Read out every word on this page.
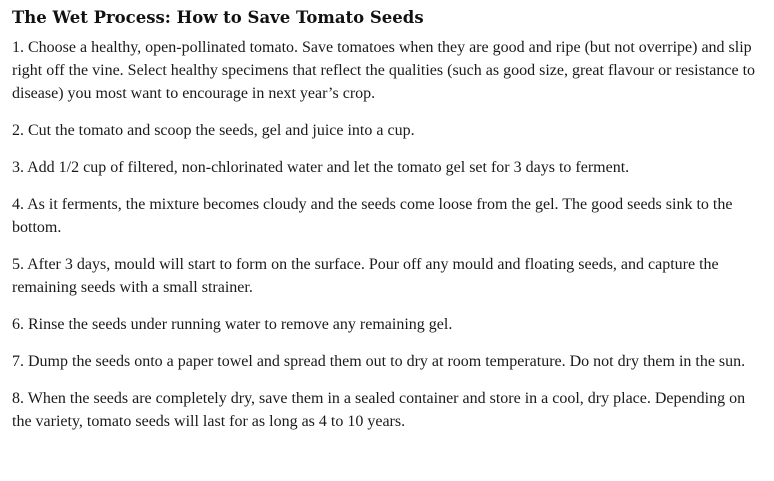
The Wet Process: How to Save Tomato Seeds

1. Choose a healthy, open-pollinated tomato. Save tomatoes when they are good and ripe (but not overripe) and slip right off the vine. Select healthy specimens that reflect the qualities (such as good size, great flavour or resistance to disease) you most want to encourage in next year’s crop.

2. Cut the tomato and scoop the seeds, gel and juice into a cup.

3. Add 1/2 cup of filtered, non-chlorinated water and let the tomato gel set for 3 days to ferment.

4. As it ferments, the mixture becomes cloudy and the seeds come loose from the gel. The good seeds sink to the bottom.

5. After 3 days, mould will start to form on the surface. Pour off any mould and floating seeds, and capture the remaining seeds with a small strainer.

6. Rinse the seeds under running water to remove any remaining gel.

7. Dump the seeds onto a paper towel and spread them out to dry at room temperature. Do not dry them in the sun.

8. When the seeds are completely dry, save them in a sealed container and store in a cool, dry place. Depending on the variety, tomato seeds will last for as long as 4 to 10 years.
